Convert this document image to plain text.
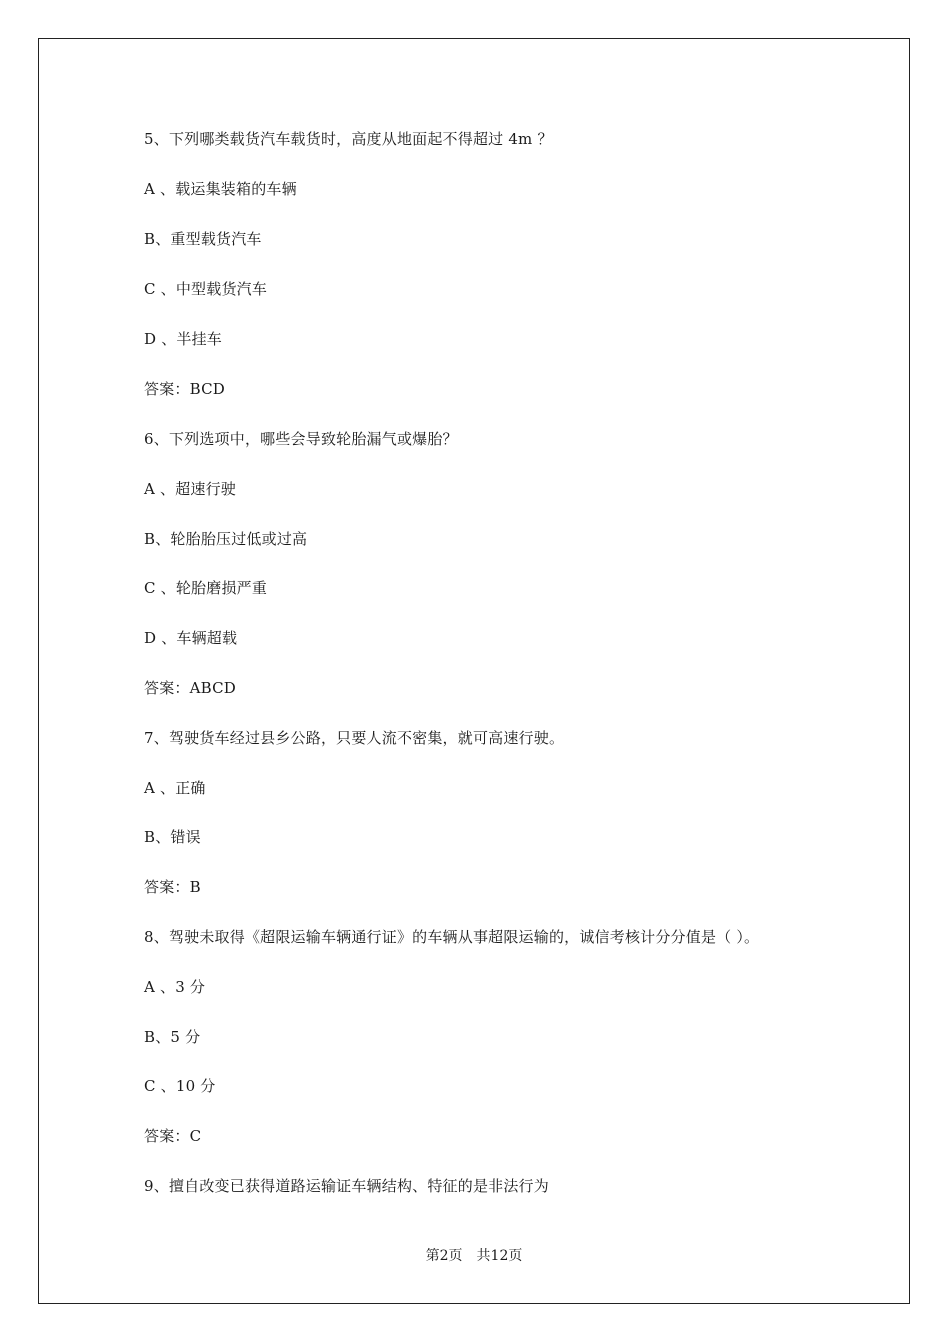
5、下列哪类载货汽车载货时，高度从地面起不得超过 4m ？
A 、载运集装箱的车辆
B、重型载货汽车
C 、中型载货汽车
D 、半挂车
答案：BCD
6、下列选项中，哪些会导致轮胎漏气或爆胎？
A 、超速行驶
B、轮胎胎压过低或过高
C 、轮胎磨损严重
D 、车辆超载
答案：ABCD
7、驾驶货车经过县乡公路，只要人流不密集，就可高速行驶。
A 、正确
B、错误
答案：B
8、驾驶未取得《超限运输车辆通行证》的车辆从事超限运输的，诚信考核计分分值是（ ）。
A 、3 分
B、5 分
C 、10 分
答案：C
9、擅自改变已获得道路运输证车辆结构、特征的是非法行为
第2页 共12页
